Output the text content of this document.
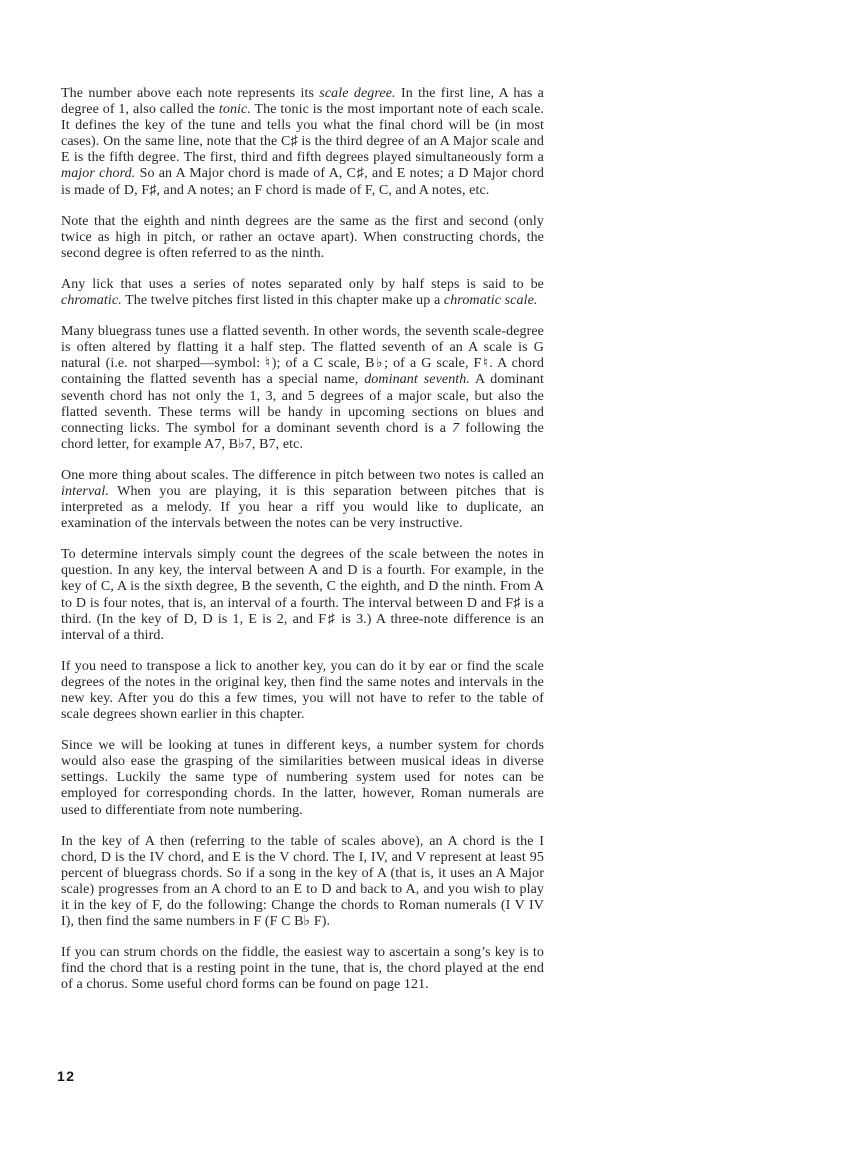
The number above each note represents its scale degree. In the first line, A has a degree of 1, also called the tonic. The tonic is the most important note of each scale. It defines the key of the tune and tells you what the final chord will be (in most cases). On the same line, note that the C♯ is the third degree of an A Major scale and E is the fifth degree. The first, third and fifth degrees played simultaneously form a major chord. So an A Major chord is made of A, C♯, and E notes; a D Major chord is made of D, F♯, and A notes; an F chord is made of F, C, and A notes, etc.

Note that the eighth and ninth degrees are the same as the first and second (only twice as high in pitch, or rather an octave apart). When constructing chords, the second degree is often referred to as the ninth.

Any lick that uses a series of notes separated only by half steps is said to be chromatic. The twelve pitches first listed in this chapter make up a chromatic scale.

Many bluegrass tunes use a flatted seventh. In other words, the seventh scale-degree is often altered by flatting it a half step. The flatted seventh of an A scale is G natural (i.e. not sharped—symbol: ♮); of a C scale, B♭; of a G scale, F♮. A chord containing the flatted seventh has a special name, dominant seventh. A dominant seventh chord has not only the 1, 3, and 5 degrees of a major scale, but also the flatted seventh. These terms will be handy in upcoming sections on blues and connecting licks. The symbol for a dominant seventh chord is a 7 following the chord letter, for example A7, B♭7, B7, etc.

One more thing about scales. The difference in pitch between two notes is called an interval. When you are playing, it is this separation between pitches that is interpreted as a melody. If you hear a riff you would like to duplicate, an examination of the intervals between the notes can be very instructive.

To determine intervals simply count the degrees of the scale between the notes in question. In any key, the interval between A and D is a fourth. For example, in the key of C, A is the sixth degree, B the seventh, C the eighth, and D the ninth. From A to D is four notes, that is, an interval of a fourth. The interval between D and F♯ is a third. (In the key of D, D is 1, E is 2, and F♯ is 3.) A three-note difference is an interval of a third.

If you need to transpose a lick to another key, you can do it by ear or find the scale degrees of the notes in the original key, then find the same notes and intervals in the new key. After you do this a few times, you will not have to refer to the table of scale degrees shown earlier in this chapter.

Since we will be looking at tunes in different keys, a number system for chords would also ease the grasping of the similarities between musical ideas in diverse settings. Luckily the same type of numbering system used for notes can be employed for corresponding chords. In the latter, however, Roman numerals are used to differentiate from note numbering.

In the key of A then (referring to the table of scales above), an A chord is the I chord, D is the IV chord, and E is the V chord. The I, IV, and V represent at least 95 percent of bluegrass chords. So if a song in the key of A (that is, it uses an A Major scale) progresses from an A chord to an E to D and back to A, and you wish to play it in the key of F, do the following: Change the chords to Roman numerals (I V IV I), then find the same numbers in F (F C B♭ F).

If you can strum chords on the fiddle, the easiest way to ascertain a song’s key is to find the chord that is a resting point in the tune, that is, the chord played at the end of a chorus. Some useful chord forms can be found on page 121.

12
